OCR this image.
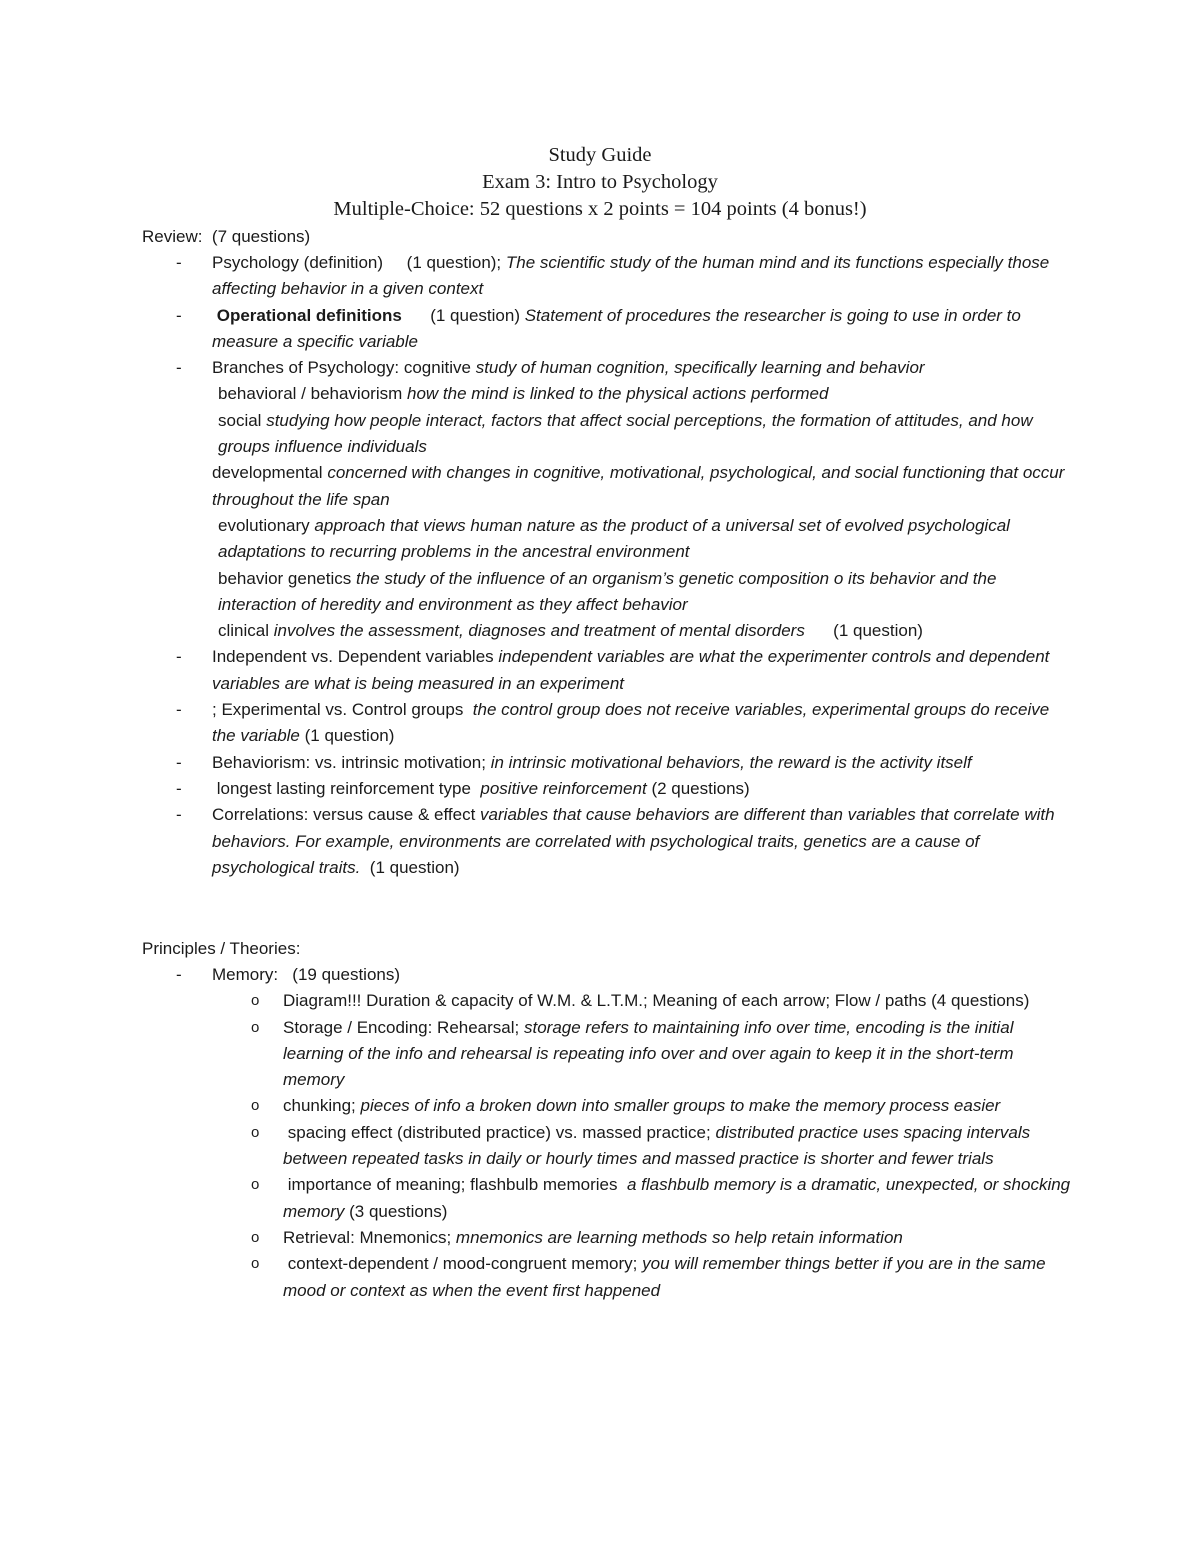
Study Guide
Exam 3: Intro to Psychology
Multiple-Choice: 52 questions x 2 points = 104 points (4 bonus!)
Review: (7 questions)
- Psychology (definition) (1 question); The scientific study of the human mind and its functions especially those affecting behavior in a given context
- Operational definitions (1 question) Statement of procedures the researcher is going to use in order to measure a specific variable
- Branches of Psychology: cognitive study of human cognition, specifically learning and behavior
behavioral / behaviorism how the mind is linked to the physical actions performed
social studying how people interact, factors that affect social perceptions, the formation of attitudes, and how groups influence individuals
developmental concerned with changes in cognitive, motivational, psychological, and social functioning that occur throughout the life span
evolutionary approach that views human nature as the product of a universal set of evolved psychological adaptations to recurring problems in the ancestral environment
behavior genetics the study of the influence of an organism’s genetic composition o its behavior and the interaction of heredity and environment as they affect behavior
clinical involves the assessment, diagnoses and treatment of mental disorders (1 question)
- Independent vs. Dependent variables independent variables are what the experimenter controls and dependent variables are what is being measured in an experiment
- ; Experimental vs. Control groups the control group does not receive variables, experimental groups do receive the variable (1 question)
- Behaviorism: vs. intrinsic motivation; in intrinsic motivational behaviors, the reward is the activity itself
- longest lasting reinforcement type positive reinforcement (2 questions)
- Correlations: versus cause & effect variables that cause behaviors are different than variables that correlate with behaviors. For example, environments are correlated with psychological traits, genetics are a cause of psychological traits. (1 question)
Principles / Theories:
- Memory: (19 questions)
o Diagram!!! Duration & capacity of W.M. & L.T.M.; Meaning of each arrow; Flow / paths (4 questions)
o Storage / Encoding: Rehearsal; storage refers to maintaining info over time, encoding is the initial learning of the info and rehearsal is repeating info over and over again to keep it in the short-term memory
o chunking; pieces of info a broken down into smaller groups to make the memory process easier
o spacing effect (distributed practice) vs. massed practice; distributed practice uses spacing intervals between repeated tasks in daily or hourly times and massed practice is shorter and fewer trials
o importance of meaning; flashbulb memories a flashbulb memory is a dramatic, unexpected, or shocking memory (3 questions)
o Retrieval: Mnemonics; mnemonics are learning methods so help retain information
o context-dependent / mood-congruent memory; you will remember things better if you are in the same mood or context as when the event first happened
